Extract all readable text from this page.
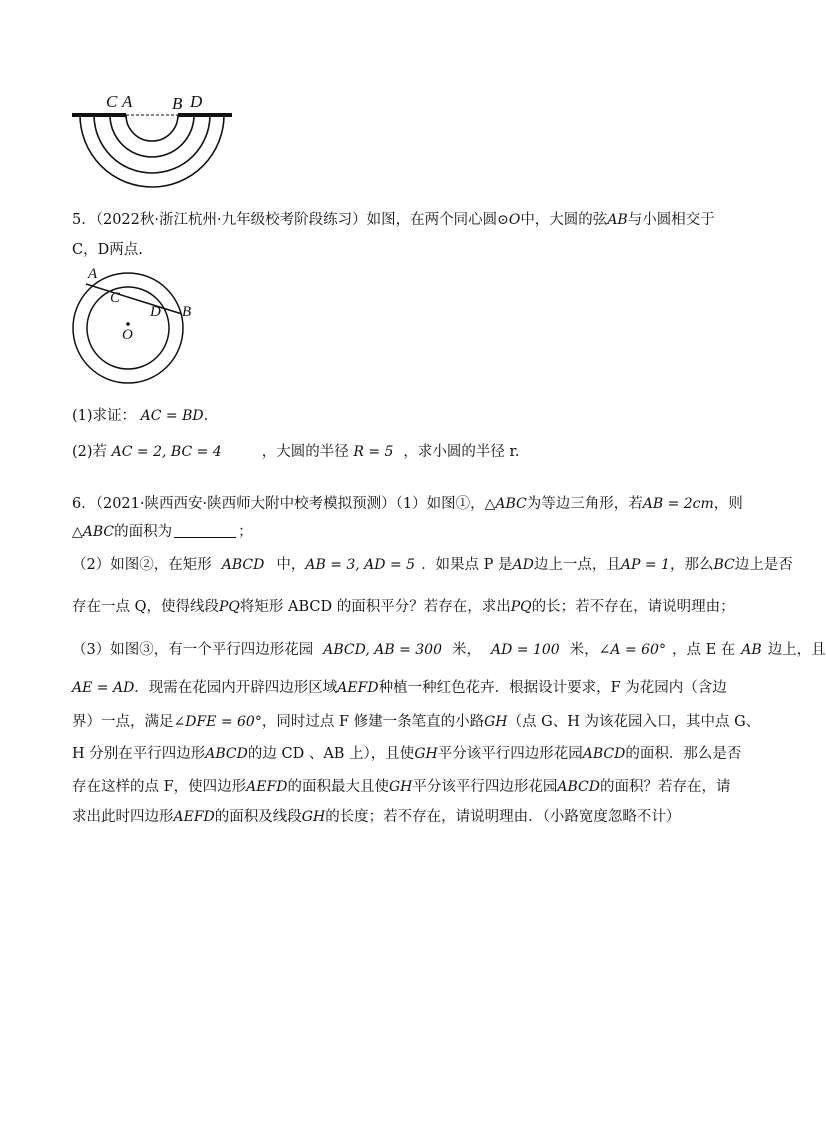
C A B D
5．（2022秋·浙江杭州·九年级校考阶段练习）如图，在两个同心圆⊙O中，大圆的弦AB与小圆相交于
C，D两点.
A
C
D B
O
(1)求证： AC = BD.
(2)若 AC = 2, BC = 4	，大圆的半径 R = 5 ，求小圆的半径 r.
6．（2021·陕西西安·陕西师大附中校考模拟预测）（1）如图①，△ABC为等边三角形，若AB = 2cm，则
△ABC的面积为	；
（2）如图②，在矩形 ABCD 中，AB = 3, AD = 5 ．如果点 P 是AD边上一点，且AP = 1，那么BC边上是否
存在一点 Q，使得线段PQ将矩形 ABCD 的面积平分？若存在，求出PQ的长；若不存在，请说明理由；
（3）如图③，有一个平行四边形花园 ABCD, AB = 300 米， AD = 100 米，∠A = 60° ，点 E 在 AB 边上，且
AE = AD．现需在花园内开辟四边形区域AEFD种植一种红色花卉．根据设计要求，F 为花园内（含边
界）一点，满足∠DFE = 60°，同时过点 F 修建一条笔直的小路GH（点 G、H 为该花园入口，其中点 G、
H 分别在平行四边形ABCD的边 CD 、AB 上），且使GH平分该平行四边形花园ABCD的面积．那么是否
存在这样的点 F，使四边形AEFD的面积最大且使GH平分该平行四边形花园ABCD的面积？若存在，请
求出此时四边形AEFD的面积及线段GH的长度；若不存在，请说明理由．（小路宽度忽略不计）
